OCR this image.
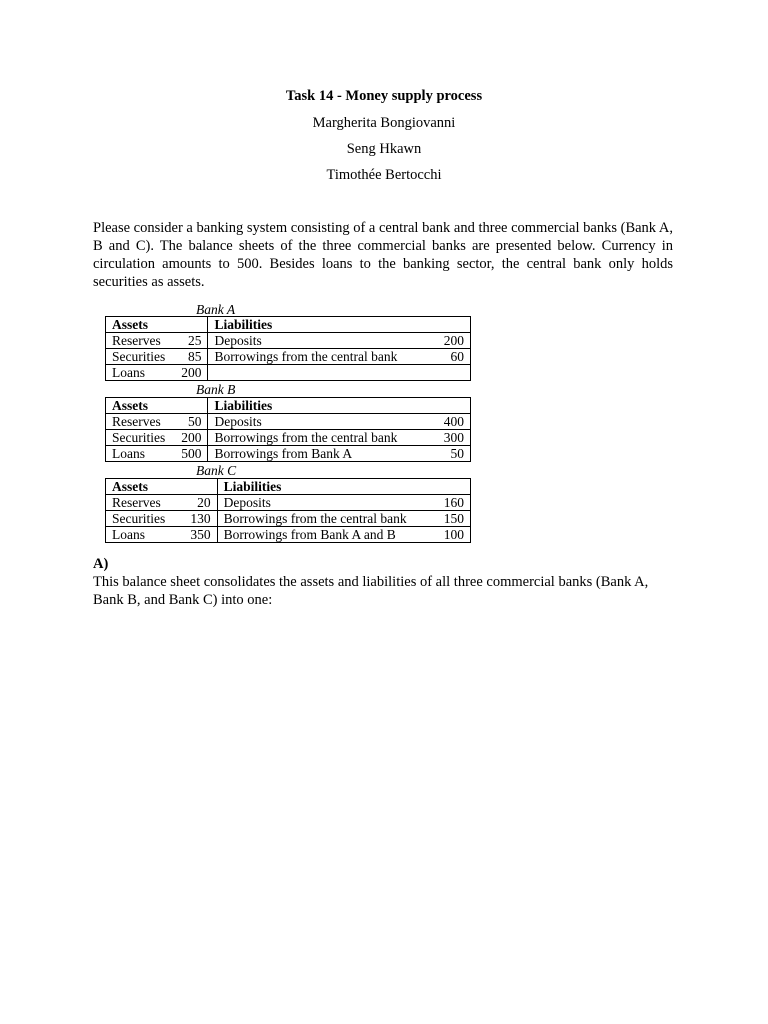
Task 14 - Money supply process
Margherita Bongiovanni
Seng Hkawn
Timothée Bertocchi
Please consider a banking system consisting of a central bank and three commercial banks (Bank A, B and C). The balance sheets of the three commercial banks are presented below. Currency in circulation amounts to 500. Besides loans to the banking sector, the central bank only holds securities as assets.
Bank A
Assets		Liabilities	
Reserves	25	Deposits	200
Securities	85	Borrowings from the central bank	60
Loans	200		
Bank B
Assets		Liabilities	
Reserves	50	Deposits	400
Securities	200	Borrowings from the central bank	300
Loans	500	Borrowings from Bank A	50
Bank C
Assets		Liabilities	
Reserves	20	Deposits	160
Securities	130	Borrowings from the central bank	150
Loans	350	Borrowings from Bank A and B	100
A)
This balance sheet consolidates the assets and liabilities of all three commercial banks (Bank A, Bank B, and Bank C) into one:
